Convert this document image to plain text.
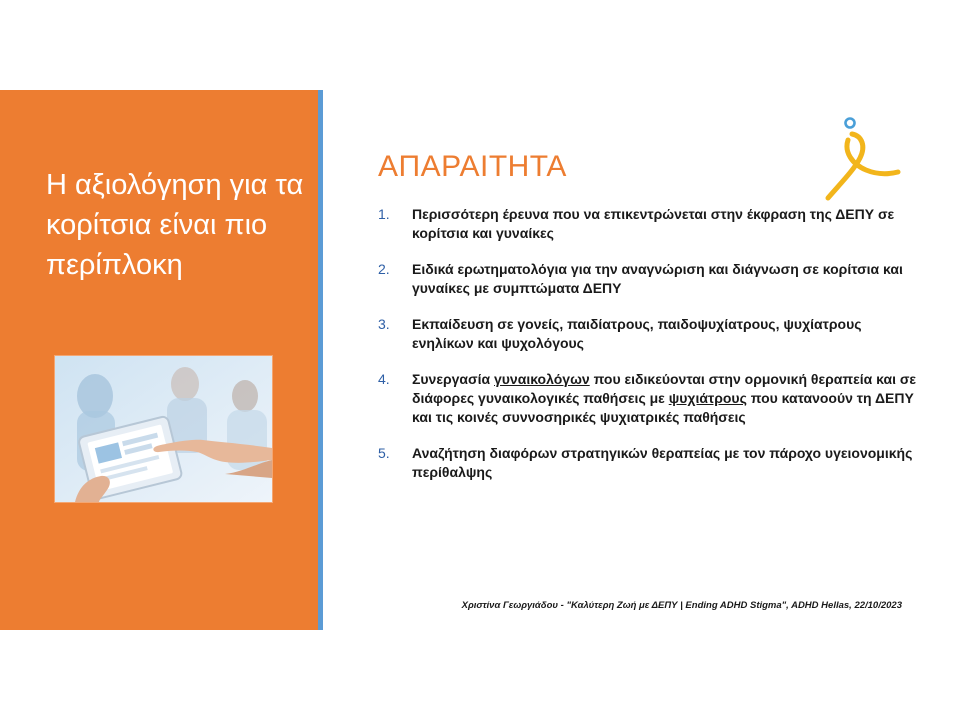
Η αξιολόγηση για τα κορίτσια είναι πιο περίπλοκη
ΑΠΑΡΑΙΤΗΤΑ
1. Περισσότερη έρευνα που να επικεντρώνεται στην έκφραση της ΔΕΠΥ σε κορίτσια και γυναίκες
2. Ειδικά ερωτηματολόγια για την αναγνώριση και διάγνωση σε κορίτσια και γυναίκες με συμπτώματα ΔΕΠΥ
3. Εκπαίδευση σε γονείς, παιδίατρους, παιδοψυχίατρους, ψυχίατρους ενηλίκων και ψυχολόγους
4. Συνεργασία γυναικολόγων που ειδικεύονται στην ορμονική θεραπεία και σε διάφορες γυναικολογικές παθήσεις με ψυχιάτρους που κατανοούν τη ΔΕΠΥ και τις κοινές συννοσηρικές ψυχιατρικές παθήσεις
5. Αναζήτηση διαφόρων στρατηγικών θεραπείας με τον πάροχο υγειονομικής περίθαλψης
Χριστίνα Γεωργιάδου - "Καλύτερη Ζωή με ΔΕΠΥ | Ending ADHD Stigma", ADHD Hellas, 22/10/2023
